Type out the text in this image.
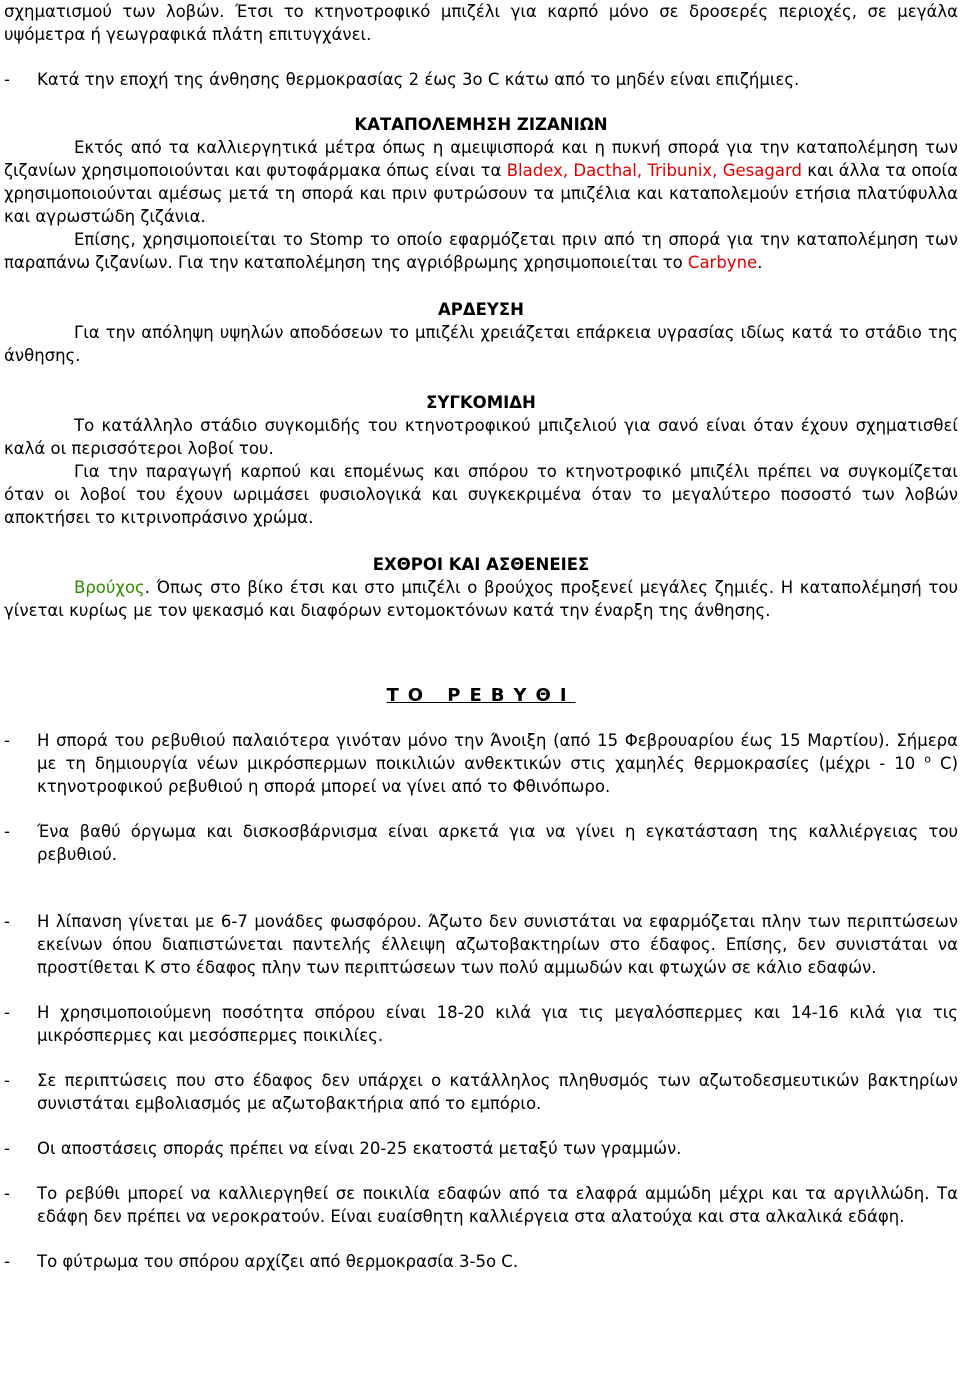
σχηματισμού των λοβών. Έτσι το κτηνοτροφικό μπιζέλι για καρπό μόνο σε δροσερές περιοχές, σε μεγάλα υψόμετρα ή γεωγραφικά πλάτη επιτυγχάνει.

-	Κατά την εποχή της άνθησης θερμοκρασίας 2 έως 3ο C κάτω από το μηδέν είναι επιζήμιες.

ΚΑΤΑΠΟΛΕΜΗΣΗ ΖΙΖΑΝΙΩΝ

Εκτός από τα καλλιεργητικά μέτρα όπως η αμειψισπορά και η πυκνή σπορά για την καταπολέμηση των ζιζανίων χρησιμοποιούνται και φυτοφάρμακα όπως είναι τα Bladex, Dacthal, Tribunix, Gesagard και άλλα τα οποία χρησιμοποιούνται αμέσως μετά τη σπορά και πριν φυτρώσουν τα μπιζέλια και καταπολεμούν ετήσια πλατύφυλλα και αγρωστώδη ζιζάνια.

Επίσης, χρησιμοποιείται το Stomp το οποίο εφαρμόζεται πριν από τη σπορά για την καταπολέμηση των παραπάνω ζιζανίων. Για την καταπολέμηση της αγριόβρωμης χρησιμοποιείται το Carbyne.

ΑΡΔΕΥΣΗ

Για την απόληψη υψηλών αποδόσεων το μπιζέλι χρειάζεται επάρκεια υγρασίας ιδίως κατά το στάδιο της άνθησης.

ΣΥΓΚΟΜΙΔΗ

Το κατάλληλο στάδιο συγκομιδής του κτηνοτροφικού μπιζελιού για σανό είναι όταν έχουν σχηματισθεί καλά οι περισσότεροι λοβοί του.

Για την παραγωγή καρπού και επομένως και σπόρου το κτηνοτροφικό μπιζέλι πρέπει να συγκομίζεται όταν οι λοβοί του έχουν ωριμάσει φυσιολογικά και συγκεκριμένα όταν το μεγαλύτερο ποσοστό των λοβών αποκτήσει το κιτρινοπράσινο χρώμα.

ΕΧΘΡΟΙ ΚΑΙ ΑΣΘΕΝΕΙΕΣ

Βρούχος. Όπως στο βίκο έτσι και στο μπιζέλι ο βρούχος προξενεί μεγάλες ζημιές. Η καταπολέμησή του γίνεται κυρίως με τον ψεκασμό και διαφόρων εντομοκτόνων κατά την έναρξη της άνθησης.

ΤΟ ΡΕΒΥΘΙ

-	Η σπορά του ρεβυθιού παλαιότερα γινόταν μόνο την Άνοιξη (από 15 Φεβρουαρίου έως 15 Μαρτίου). Σήμερα με τη δημιουργία νέων μικρόσπερμων ποικιλιών ανθεκτικών στις χαμηλές θερμοκρασίες (μέχρι - 10 $^o$ C) κτηνοτροφικού ρεβυθιού η σπορά μπορεί να γίνει από το Φθινόπωρο.
-	Ένα βαθύ όργωμα και δισκοσβάρνισμα είναι αρκετά για να γίνει η εγκατάσταση της καλλιέργειας του ρεβυθιού.
-	Η λίπανση γίνεται με 6-7 μονάδες φωσφόρου. Άζωτο δεν συνιστάται να εφαρμόζεται πλην των περιπτώσεων εκείνων όπου διαπιστώνεται παντελής έλλειψη αζωτοβακτηρίων στο έδαφος. Επίσης, δεν συνιστάται να προστίθεται Κ στο έδαφος πλην των περιπτώσεων των πολύ αμμωδών και φτωχών σε κάλιο εδαφών.
-	Η χρησιμοποιούμενη ποσότητα σπόρου είναι 18-20 κιλά για τις μεγαλόσπερμες και 14-16 κιλά για τις μικρόσπερμες και μεσόσπερμες ποικιλίες.
-	Σε περιπτώσεις που στο έδαφος δεν υπάρχει ο κατάλληλος πληθυσμός των αζωτοδεσμευτικών βακτηρίων συνιστάται εμβολιασμός με αζωτοβακτήρια από το εμπόριο.
-	Οι αποστάσεις σποράς πρέπει να είναι 20-25 εκατοστά μεταξύ των γραμμών.
-	Το ρεβύθι μπορεί να καλλιεργηθεί σε ποικιλία εδαφών από τα ελαφρά αμμώδη μέχρι και τα αργιλλώδη. Τα εδάφη δεν πρέπει να νεροκρατούν. Είναι ευαίσθητη καλλιέργεια στα αλατούχα και στα αλκαλικά εδάφη.
-	Το φύτρωμα του σπόρου αρχίζει από θερμοκρασία 3-5ο C.
